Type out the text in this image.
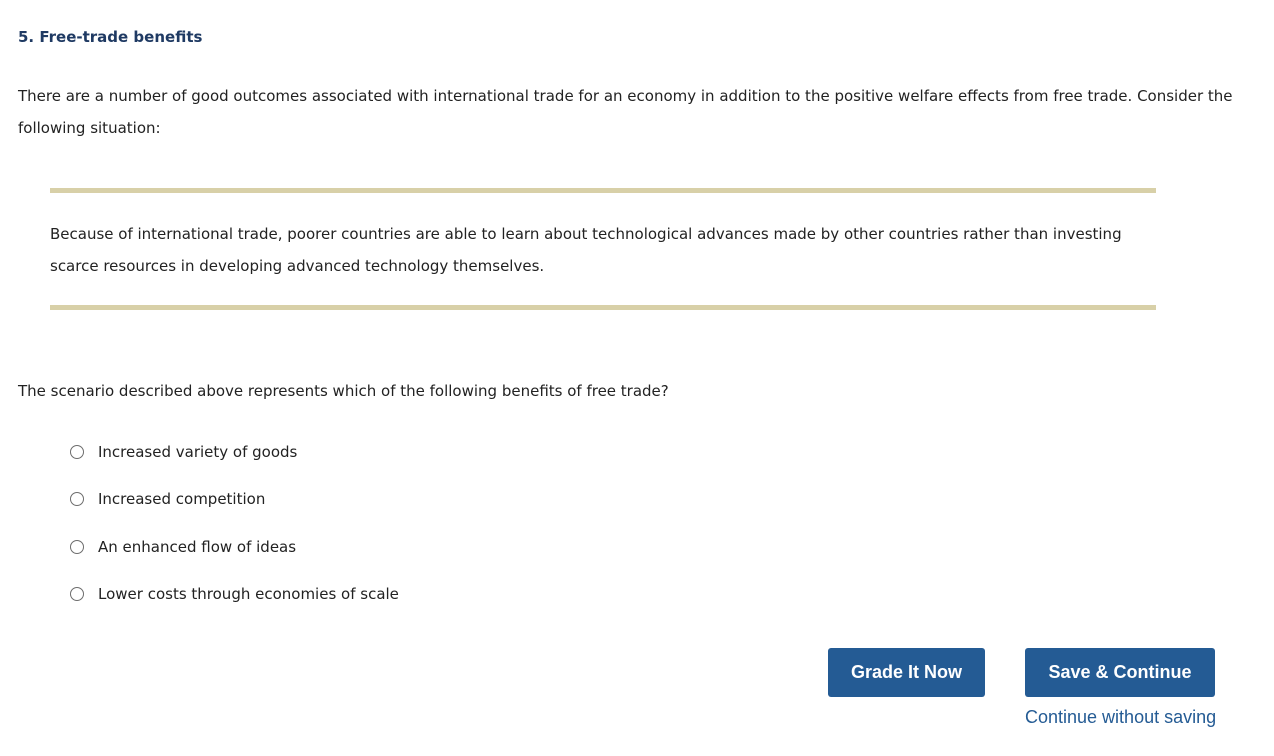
5. Free-trade benefits

There are a number of good outcomes associated with international trade for an economy in addition to the positive welfare effects from free trade. Consider the following situation:

Because of international trade, poorer countries are able to learn about technological advances made by other countries rather than investing scarce resources in developing advanced technology themselves.

The scenario described above represents which of the following benefits of free trade?

Increased variety of goods
Increased competition
An enhanced flow of ideas
Lower costs through economies of scale
Grade It Now	Save & Continue
Continue without saving
